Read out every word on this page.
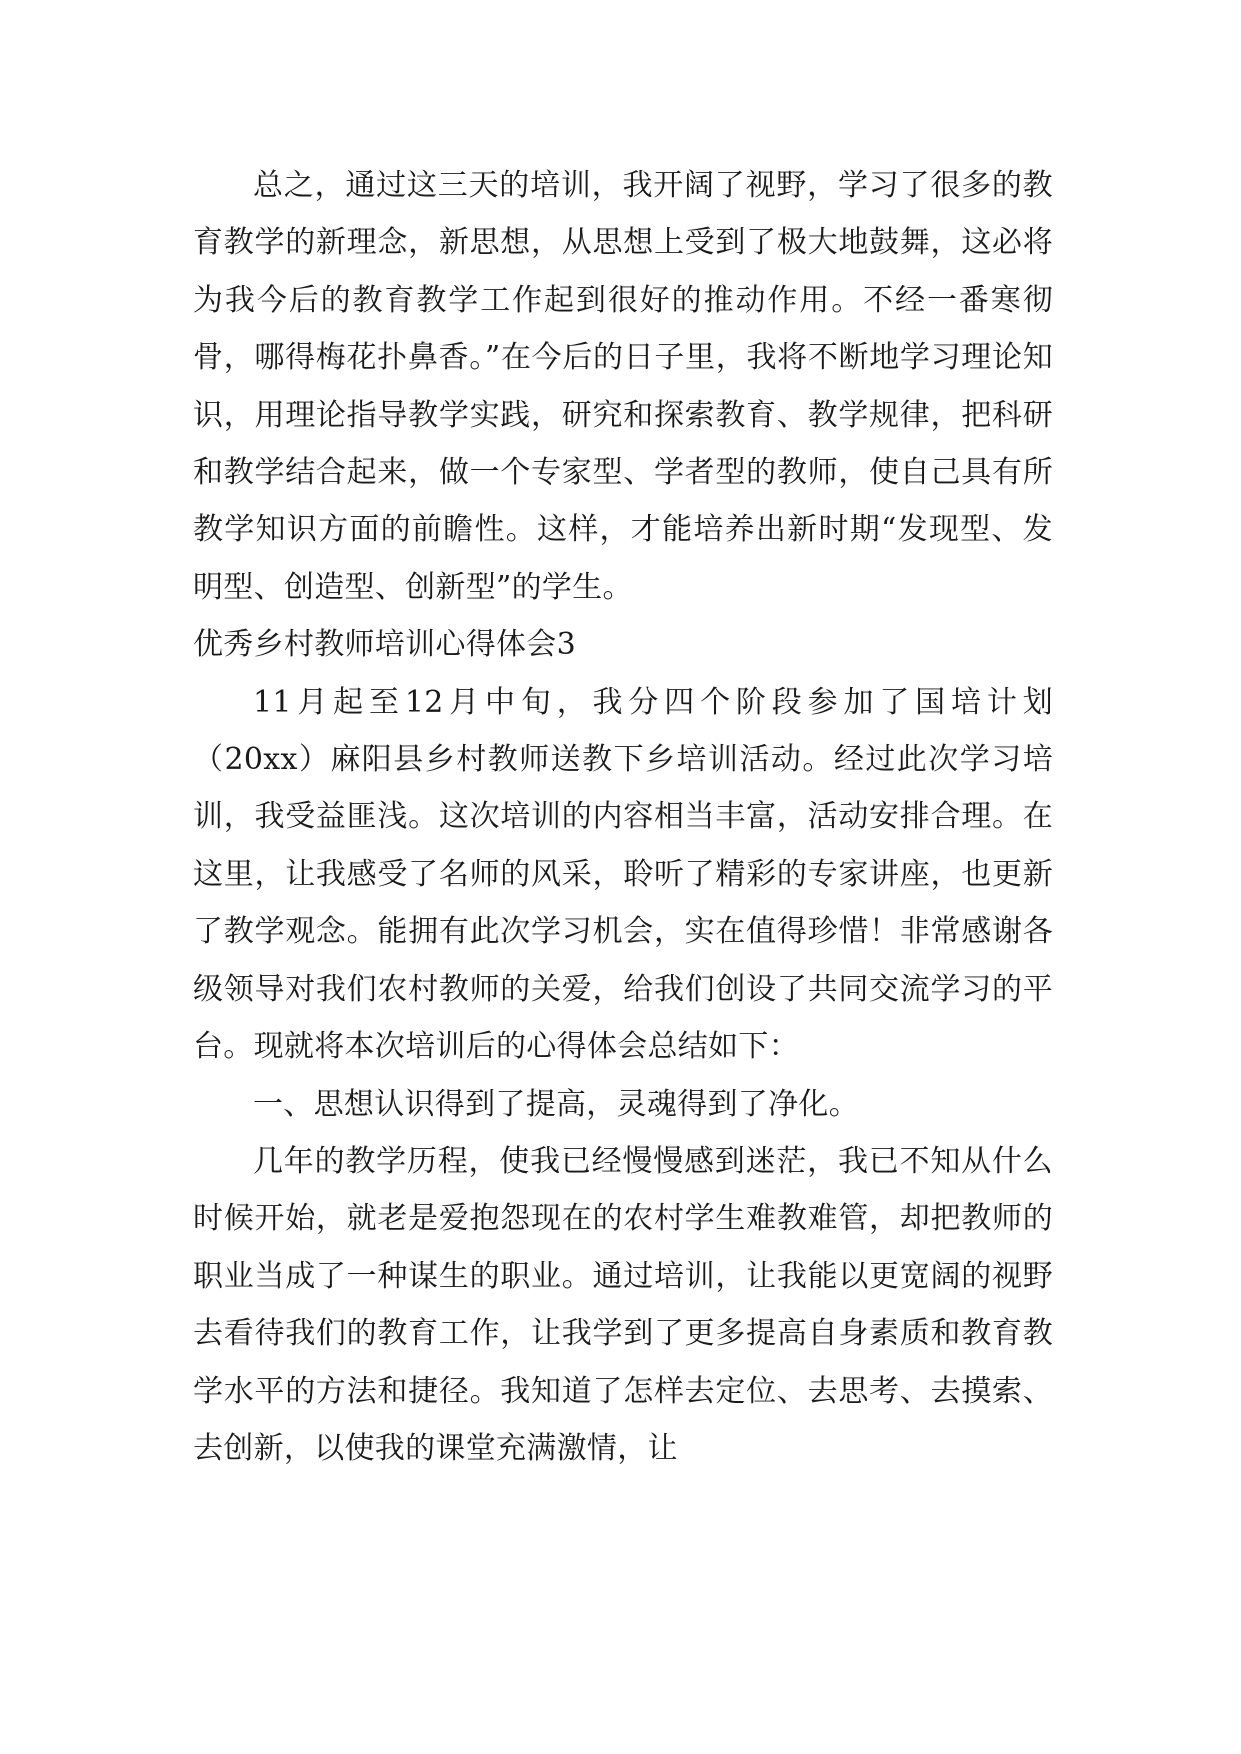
总之，通过这三天的培训，我开阔了视野，学习了很多的教育教学的新理念，新思想，从思想上受到了极大地鼓舞，这必将为我今后的教育教学工作起到很好的推动作用。不经一番寒彻骨，哪得梅花扑鼻香。”在今后的日子里，我将不断地学习理论知识，用理论指导教学实践，研究和探索教育、教学规律，把科研和教学结合起来，做一个专家型、学者型的教师，使自己具有所教学知识方面的前瞻性。这样，才能培养出新时期“发现型、发明型、创造型、创新型”的学生。

优秀乡村教师培训心得体会3

11月起至12月中旬，我分四个阶段参加了国培计划（20xx）麻阳县乡村教师送教下乡培训活动。经过此次学习培训，我受益匪浅。这次培训的内容相当丰富，活动安排合理。在这里，让我感受了名师的风采，聆听了精彩的专家讲座，也更新了教学观念。能拥有此次学习机会，实在值得珍惜！非常感谢各级领导对我们农村教师的关爱，给我们创设了共同交流学习的平台。现就将本次培训后的心得体会总结如下：

一、思想认识得到了提高，灵魂得到了净化。

几年的教学历程，使我已经慢慢感到迷茫，我已不知从什么时候开始，就老是爱抱怨现在的农村学生难教难管，却把教师的职业当成了一种谋生的职业。通过培训，让我能以更宽阔的视野去看待我们的教育工作，让我学到了更多提高自身素质和教育教学水平的方法和捷径。我知道了怎样去定位、去思考、去摸索、去创新，以使我的课堂充满激情，让
